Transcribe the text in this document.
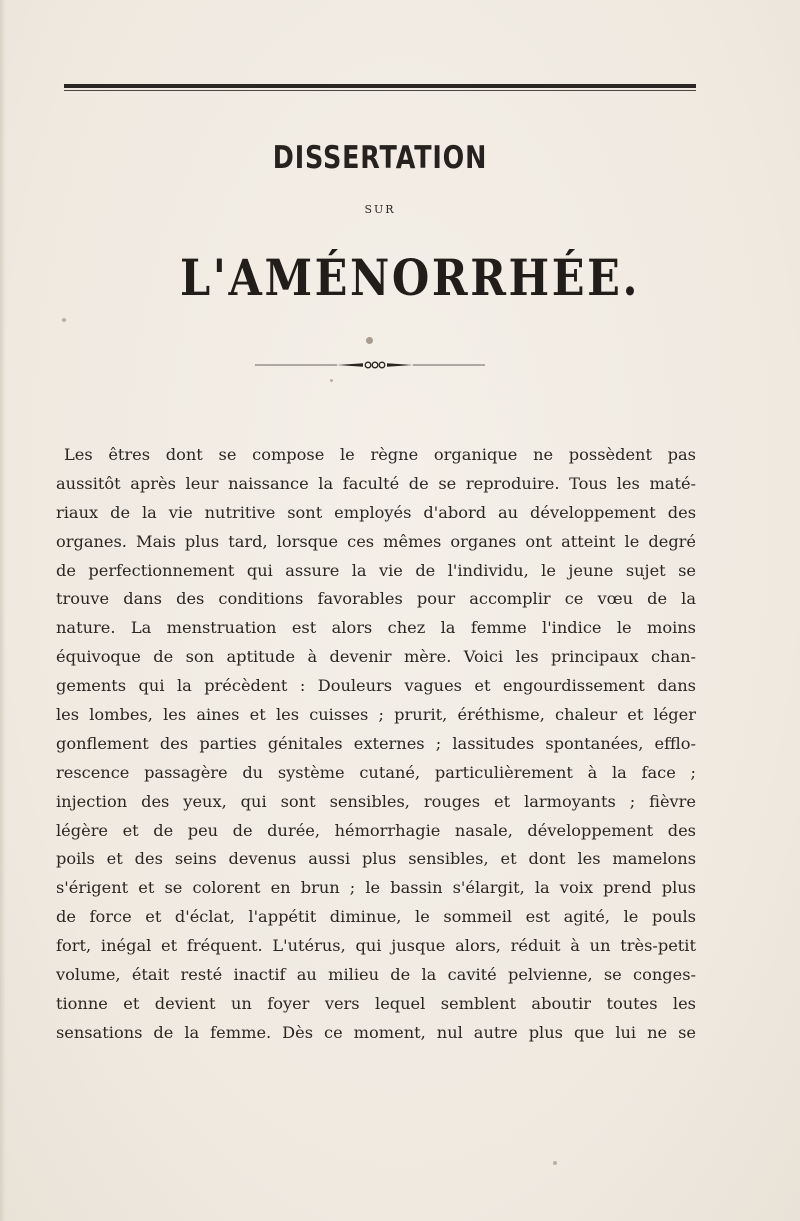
DISSERTATION
SUR
L'AMÉNORRHÉE.
Les êtres dont se compose le règne organique ne possèdent pas
aussitôt après leur naissance la faculté de se reproduire. Tous les maté-
riaux de la vie nutritive sont employés d'abord au développement des
organes. Mais plus tard, lorsque ces mêmes organes ont atteint le degré
de perfectionnement qui assure la vie de l'individu, le jeune sujet se
trouve dans des conditions favorables pour accomplir ce vœu de la
nature. La menstruation est alors chez la femme l'indice le moins
équivoque de son aptitude à devenir mère. Voici les principaux chan-
gements qui la précèdent : Douleurs vagues et engourdissement dans
les lombes, les aines et les cuisses ; prurit, éréthisme, chaleur et léger
gonflement des parties génitales externes ; lassitudes spontanées, efflo-
rescence passagère du système cutané, particulièrement à la face ;
injection des yeux, qui sont sensibles, rouges et larmoyants ; fièvre
légère et de peu de durée, hémorrhagie nasale, développement des
poils et des seins devenus aussi plus sensibles, et dont les mamelons
s'érigent et se colorent en brun ; le bassin s'élargit, la voix prend plus
de force et d'éclat, l'appétit diminue, le sommeil est agité, le pouls
fort, inégal et fréquent. L'utérus, qui jusque alors, réduit à un très-petit
volume, était resté inactif au milieu de la cavité pelvienne, se conges-
tionne et devient un foyer vers lequel semblent aboutir toutes les
sensations de la femme. Dès ce moment, nul autre plus que lui ne se
